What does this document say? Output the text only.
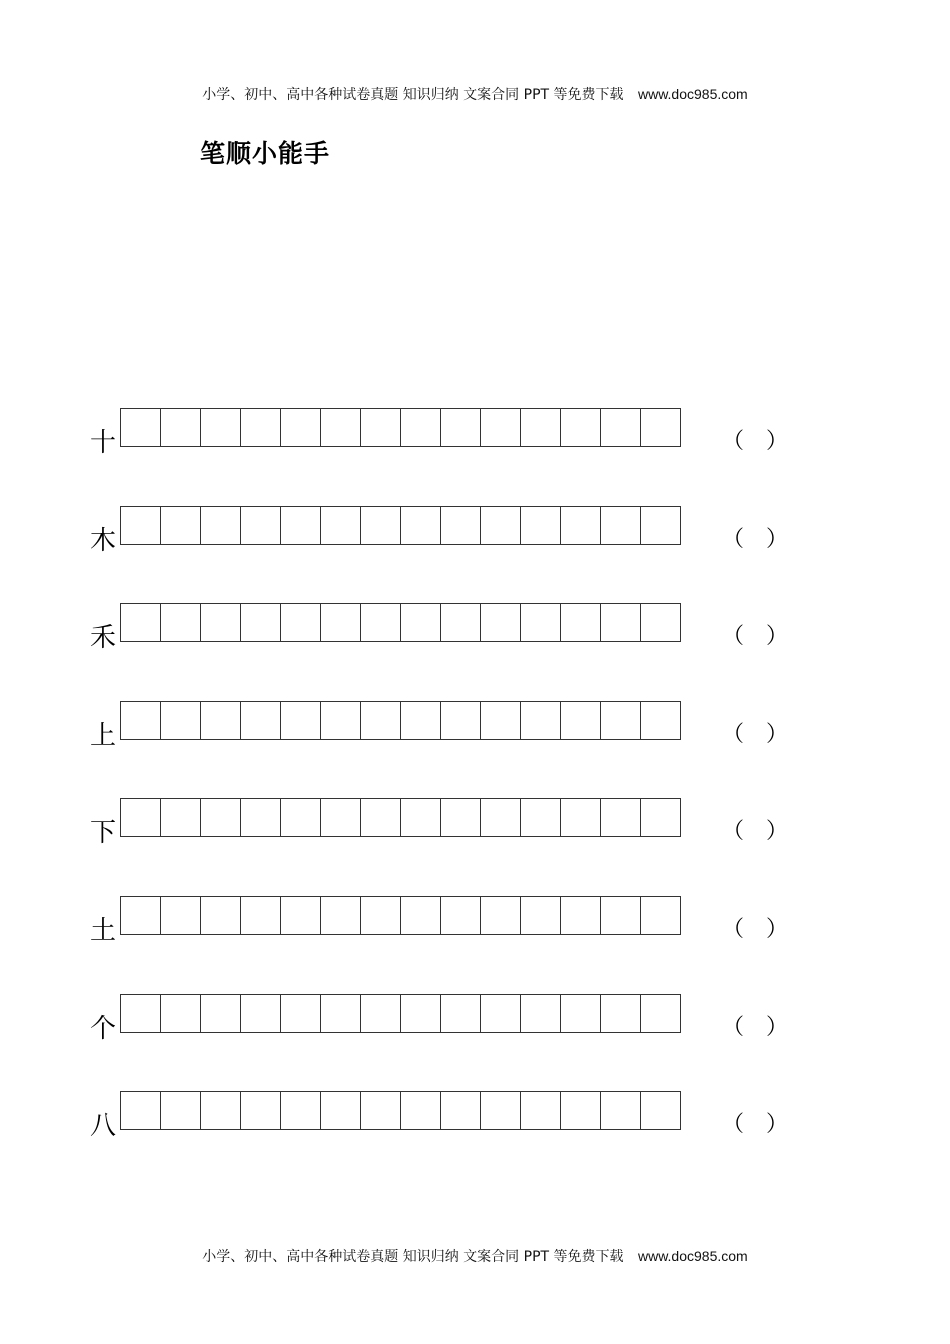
小学、初中、高中各种试卷真题 知识归纳 文案合同 PPT 等免费下载 www.doc985.com
笔顺小能手
十	（ ）
木	（ ）
禾	（ ）
上	（ ）
下	（ ）
土	（ ）
个	（ ）
八	（ ）
小学、初中、高中各种试卷真题 知识归纳 文案合同 PPT 等免费下载 www.doc985.com
